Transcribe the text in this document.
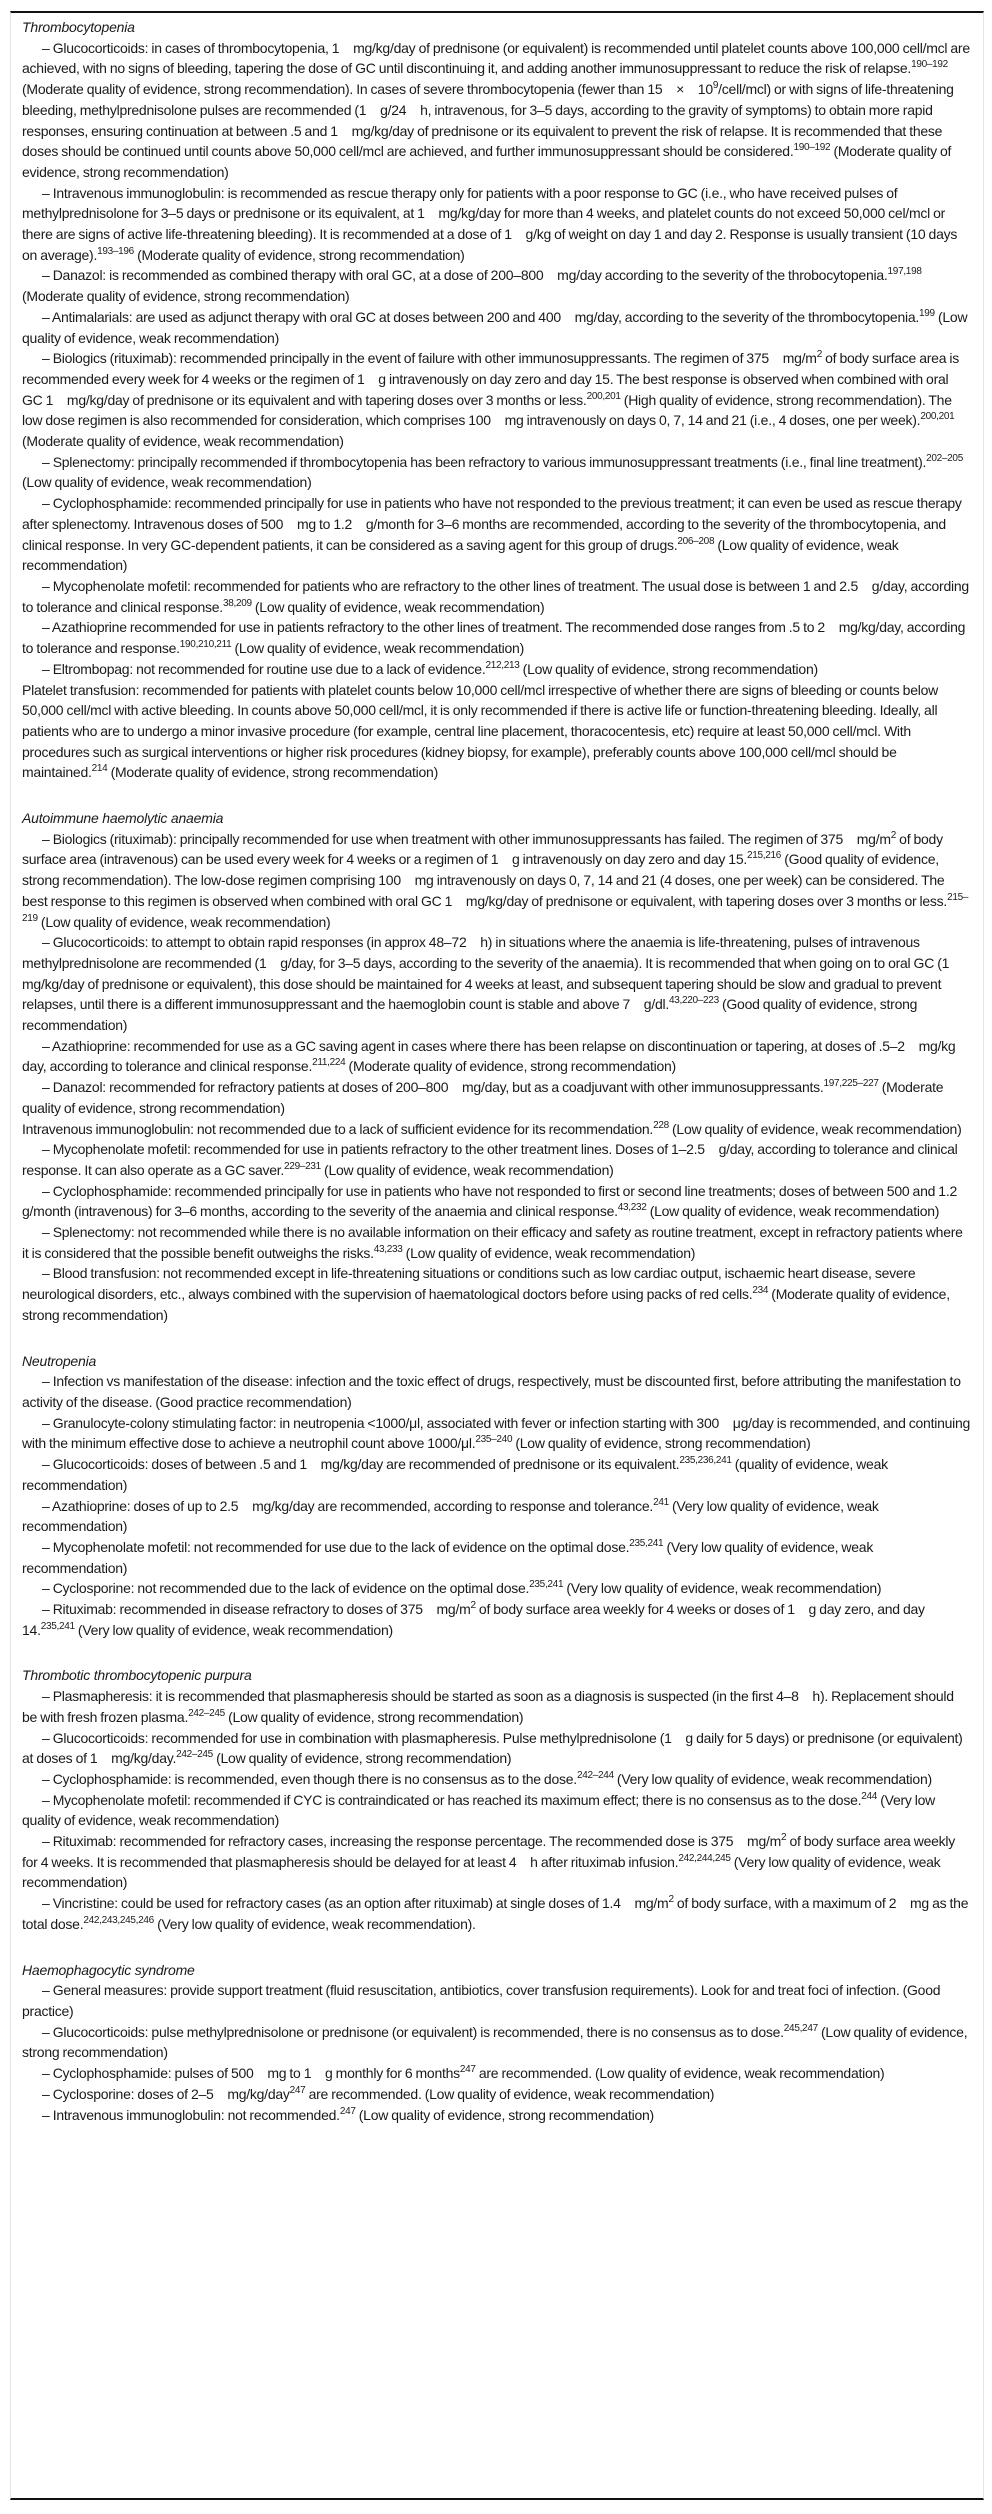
Thrombocytopenia

– Glucocorticoids: in cases of thrombocytopenia, 1 mg/kg/day of prednisone (or equivalent) is recommended until platelet counts above 100,000 cell/mcl are achieved, with no signs of bleeding, tapering the dose of GC until discontinuing it, and adding another immunosuppressant to reduce the risk of relapse.$^{190-192}$ (Moderate quality of evidence, strong recommendation). In cases of severe thrombocytopenia (fewer than 15 × $10^9/cell/mcl$) or with signs of life-threatening bleeding, methylprednisolone pulses are recommended (1 g/24 h, intravenous, for 3–5 days, according to the gravity of symptoms) to obtain more rapid responses, ensuring continuation at between .5 and 1 mg/kg/day of prednisone or its equivalent to prevent the risk of relapse. It is recommended that these doses should be continued until counts above 50,000 cell/mcl are achieved, and further immunosuppressant should be considered.$^{190-192}$ (Moderate quality of evidence, strong recommendation)

– Intravenous immunoglobulin: is recommended as rescue therapy only for patients with a poor response to GC (i.e., who have received pulses of methylprednisolone for 3–5 days or prednisone or its equivalent, at 1 mg/kg/day for more than 4 weeks, and platelet counts do not exceed 50,000 cel/mcl or there are signs of active life-threatening bleeding). It is recommended at a dose of 1 g/kg of weight on day 1 and day 2. Response is usually transient (10 days on average).$^{193-196}$ (Moderate quality of evidence, strong recommendation)

– Danazol: is recommended as combined therapy with oral GC, at a dose of 200–800 mg/day according to the severity of the throbocytopenia.$^{197,198}$ (Moderate quality of evidence, strong recommendation)

– Antimalarials: are used as adjunct therapy with oral GC at doses between 200 and 400 mg/day, according to the severity of the thrombocytopenia.$^{199}$ (Low quality of evidence, weak recommendation)

– Biologics (rituximab): recommended principally in the event of failure with other immunosuppressants. The regimen of 375 $mg/m^2$ of body surface area is recommended every week for 4 weeks or the regimen of 1 g intravenously on day zero and day 15. The best response is observed when combined with oral GC 1 mg/kg/day of prednisone or its equivalent and with tapering doses over 3 months or less.$^{200,201}$ (High quality of evidence, strong recommendation). The low dose regimen is also recommended for consideration, which comprises 100 mg intravenously on days 0, 7, 14 and 21 (i.e., 4 doses, one per week).$^{200,201}$ (Moderate quality of evidence, weak recommendation)

– Splenectomy: principally recommended if thrombocytopenia has been refractory to various immunosuppressant treatments (i.e., final line treatment).$^{202-205}$ (Low quality of evidence, weak recommendation)

– Cyclophosphamide: recommended principally for use in patients who have not responded to the previous treatment; it can even be used as rescue therapy after splenectomy. Intravenous doses of 500 mg to 1.2 g/month for 3–6 months are recommended, according to the severity of the thrombocytopenia, and clinical response. In very GC-dependent patients, it can be considered as a saving agent for this group of drugs.$^{206-208}$ (Low quality of evidence, weak recommendation)

– Mycophenolate mofetil: recommended for patients who are refractory to the other lines of treatment. The usual dose is between 1 and 2.5 g/day, according to tolerance and clinical response.$^{38,209}$ (Low quality of evidence, weak recommendation)

– Azathioprine recommended for use in patients refractory to the other lines of treatment. The recommended dose ranges from .5 to 2 mg/kg/day, according to tolerance and response.$^{190,210,211}$ (Low quality of evidence, weak recommendation)

– Eltrombopag: not recommended for routine use due to a lack of evidence.$^{212,213}$ (Low quality of evidence, strong recommendation)

Platelet transfusion: recommended for patients with platelet counts below 10,000 cell/mcl irrespective of whether there are signs of bleeding or counts below 50,000 cell/mcl with active bleeding. In counts above 50,000 cell/mcl, it is only recommended if there is active life or function-threatening bleeding. Ideally, all patients who are to undergo a minor invasive procedure (for example, central line placement, thoracocentesis, etc) require at least 50,000 cell/mcl. With procedures such as surgical interventions or higher risk procedures (kidney biopsy, for example), preferably counts above 100,000 cell/mcl should be maintained.$^{214}$ (Moderate quality of evidence, strong recommendation)

Autoimmune haemolytic anaemia

– Biologics (rituximab): principally recommended for use when treatment with other immunosuppressants has failed. The regimen of 375 $mg/m^2$ of body surface area (intravenous) can be used every week for 4 weeks or a regimen of 1 g intravenously on day zero and day 15.$^{215,216}$ (Good quality of evidence, strong recommendation). The low-dose regimen comprising 100 mg intravenously on days 0, 7, 14 and 21 (4 doses, one per week) can be considered. The best response to this regimen is observed when combined with oral GC 1 mg/kg/day of prednisone or equivalent, with tapering doses over 3 months or less.$^{215-219}$ (Low quality of evidence, weak recommendation)

– Glucocorticoids: to attempt to obtain rapid responses (in approx 48–72 h) in situations where the anaemia is life-threatening, pulses of intravenous methylprednisolone are recommended (1 g/day, for 3–5 days, according to the severity of the anaemia). It is recommended that when going on to oral GC (1 mg/kg/day of prednisone or equivalent), this dose should be maintained for 4 weeks at least, and subsequent tapering should be slow and gradual to prevent relapses, until there is a different immunosuppressant and the haemoglobin count is stable and above 7 g/dl.$^{43,220-223}$ (Good quality of evidence, strong recommendation)

– Azathioprine: recommended for use as a GC saving agent in cases where there has been relapse on discontinuation or tapering, at doses of .5–2 mg/kg day, according to tolerance and clinical response.$^{211,224}$ (Moderate quality of evidence, strong recommendation)

– Danazol: recommended for refractory patients at doses of 200–800 mg/day, but as a coadjuvant with other immunosuppressants.$^{197,225-227}$ (Moderate quality of evidence, strong recommendation)

Intravenous immunoglobulin: not recommended due to a lack of sufficient evidence for its recommendation.$^{228}$ (Low quality of evidence, weak recommendation)

– Mycophenolate mofetil: recommended for use in patients refractory to the other treatment lines. Doses of 1–2.5 g/day, according to tolerance and clinical response. It can also operate as a GC saver.$^{229-231}$ (Low quality of evidence, weak recommendation)

– Cyclophosphamide: recommended principally for use in patients who have not responded to first or second line treatments; doses of between 500 and 1.2 g/month (intravenous) for 3–6 months, according to the severity of the anaemia and clinical response.$^{43,232}$ (Low quality of evidence, weak recommendation)

– Splenectomy: not recommended while there is no available information on their efficacy and safety as routine treatment, except in refractory patients where it is considered that the possible benefit outweighs the risks.$^{43,233}$ (Low quality of evidence, weak recommendation)

– Blood transfusion: not recommended except in life-threatening situations or conditions such as low cardiac output, ischaemic heart disease, severe neurological disorders, etc., always combined with the supervision of haematological doctors before using packs of red cells.$^{234}$ (Moderate quality of evidence, strong recommendation)

Neutropenia

– Infection vs manifestation of the disease: infection and the toxic effect of drugs, respectively, must be discounted first, before attributing the manifestation to activity of the disease. (Good practice recommendation)

– Granulocyte-colony stimulating factor: in neutropenia <1000/μl, associated with fever or infection starting with 300 μg/day is recommended, and continuing with the minimum effective dose to achieve a neutrophil count above 1000/μl.$^{235-240}$ (Low quality of evidence, strong recommendation)

– Glucocorticoids: doses of between .5 and 1 mg/kg/day are recommended of prednisone or its equivalent.$^{235,236,241}$ (quality of evidence, weak recommendation)

– Azathioprine: doses of up to 2.5 mg/kg/day are recommended, according to response and tolerance.$^{241}$ (Very low quality of evidence, weak recommendation)

– Mycophenolate mofetil: not recommended for use due to the lack of evidence on the optimal dose.$^{235,241}$ (Very low quality of evidence, weak recommendation)

– Cyclosporine: not recommended due to the lack of evidence on the optimal dose.$^{235,241}$ (Very low quality of evidence, weak recommendation)

– Rituximab: recommended in disease refractory to doses of 375 $mg/m^2$ of body surface area weekly for 4 weeks or doses of 1 g day zero, and day 14.$^{235,241}$ (Very low quality of evidence, weak recommendation)

Thrombotic thrombocytopenic purpura

– Plasmapheresis: it is recommended that plasmapheresis should be started as soon as a diagnosis is suspected (in the first 4–8 h). Replacement should be with fresh frozen plasma.$^{242-245}$ (Low quality of evidence, strong recommendation)

– Glucocorticoids: recommended for use in combination with plasmapheresis. Pulse methylprednisolone (1 g daily for 5 days) or prednisone (or equivalent) at doses of 1 mg/kg/day.$^{242-245}$ (Low quality of evidence, strong recommendation)

– Cyclophosphamide: is recommended, even though there is no consensus as to the dose.$^{242-244}$ (Very low quality of evidence, weak recommendation)

– Mycophenolate mofetil: recommended if CYC is contraindicated or has reached its maximum effect; there is no consensus as to the dose.$^{244}$ (Very low quality of evidence, weak recommendation)

– Rituximab: recommended for refractory cases, increasing the response percentage. The recommended dose is 375 $mg/m^2$ of body surface area weekly for 4 weeks. It is recommended that plasmapheresis should be delayed for at least 4 h after rituximab infusion.$^{242,244,245}$ (Very low quality of evidence, weak recommendation)

– Vincristine: could be used for refractory cases (as an option after rituximab) at single doses of 1.4 $mg/m^2$ of body surface, with a maximum of 2 mg as the total dose.$^{242,243,245,246}$ (Very low quality of evidence, weak recommendation).

Haemophagocytic syndrome

– General measures: provide support treatment (fluid resuscitation, antibiotics, cover transfusion requirements). Look for and treat foci of infection. (Good practice)

– Glucocorticoids: pulse methylprednisolone or prednisone (or equivalent) is recommended, there is no consensus as to dose.$^{245,247}$ (Low quality of evidence, strong recommendation)

– Cyclophosphamide: pulses of 500 mg to 1 g monthly for 6 months$^{247}$ are recommended. (Low quality of evidence, weak recommendation)

– Cyclosporine: doses of 2–5 mg/kg/day$^{247}$ are recommended. (Low quality of evidence, weak recommendation)

– Intravenous immunoglobulin: not recommended.$^{247}$ (Low quality of evidence, strong recommendation)
